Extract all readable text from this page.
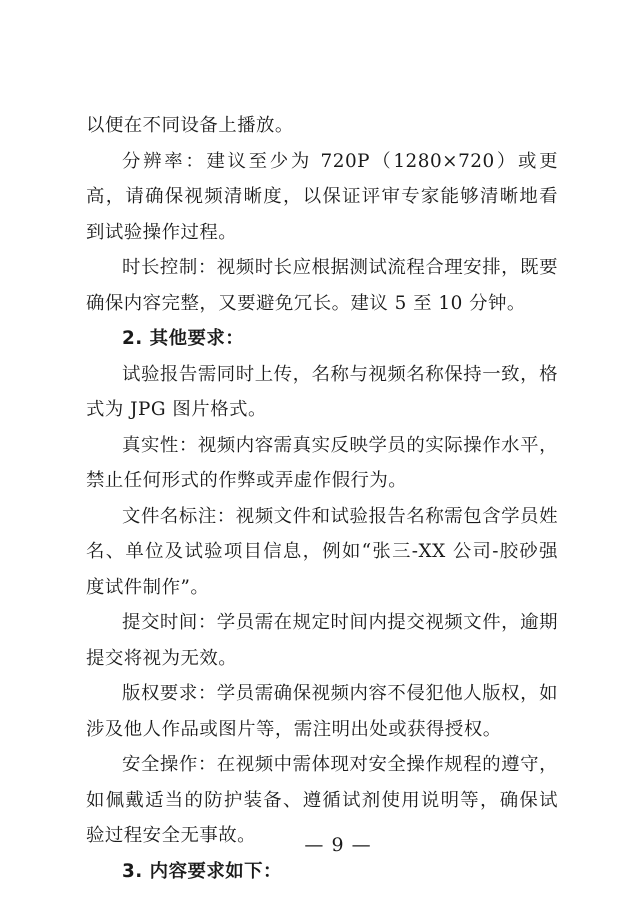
以便在不同设备上播放。

分辨率：建议至少为 720P（1280×720）或更高，请确保视频清晰度，以保证评审专家能够清晰地看到试验操作过程。

时长控制：视频时长应根据测试流程合理安排，既要确保内容完整，又要避免冗长。建议 5 至 10 分钟。

2. 其他要求：

试验报告需同时上传，名称与视频名称保持一致，格式为 JPG 图片格式。

真实性：视频内容需真实反映学员的实际操作水平，禁止任何形式的作弊或弄虚作假行为。

文件名标注：视频文件和试验报告名称需包含学员姓名、单位及试验项目信息，例如“张三-XX 公司-胶砂强度试件制作”。

提交时间：学员需在规定时间内提交视频文件，逾期提交将视为无效。

版权要求：学员需确保视频内容不侵犯他人版权，如涉及他人作品或图片等，需注明出处或获得授权。

安全操作：在视频中需体现对安全操作规程的遵守，如佩戴适当的防护装备、遵循试剂使用说明等，确保试验过程安全无事故。

3. 内容要求如下：

— 9 —
